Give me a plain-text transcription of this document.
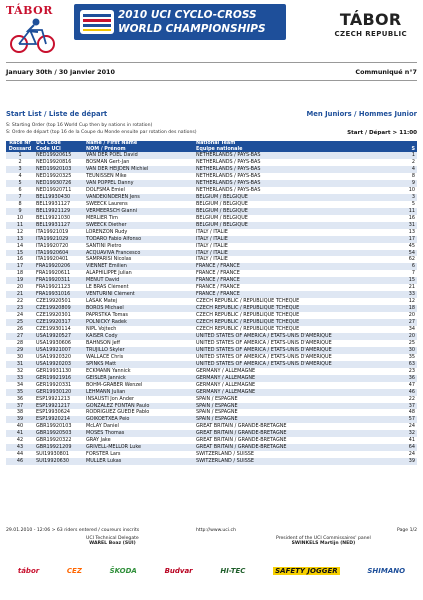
TÁBOR	2010 UCI CYCLO-CROSS
WORLD CHAMPIONSHIPS	TÁBOR
CZECH REPUBLIC
January 30th / 30 janvier 2010	Communiqué n°7
Start List / Liste de départ	Men Juniors / Hommes Junior
S: Starting Order (top 16 World Cup then by nations in rotation)
S: Ordre de départ (top 16 de la Coupe du Monde ensuite par rotation des nations)	Start / Départ > 11:00
Race Nr
Dossard	UCI Code
Code UCI	Name / First Name
NOM / Prénom	National Team
Equipe nationale	S
1	NED19920615	VAN DER POEL David	NETHERLANDS / PAYS-BAS	1
2	NED19920816	BOSMAN Gert-Jan	NETHERLANDS / PAYS-BAS	2
3	NED19920103	VAN DER HEIJDEN Michiel	NETHERLANDS / PAYS-BAS	4
4	NED19920325	TEUNISSEN Mike	NETHERLANDS / PAYS-BAS	8
5	NED19930726	VAN POPPEL Danny	NETHERLANDS / PAYS-BAS	9
6	NED19920711	DOLFSMA Emiel	NETHERLANDS / PAYS-BAS	10
7	BEL19930430	VANDEKINDEREN Jens	BELGIUM / BELGIQUE	3
8	BEL19931127	SWEECK Laurens	BELGIUM / BELGIQUE	5
9	BEL19921129	VERMEERSCH Gianni	BELGIUM / BELGIQUE	11
10	BEL19921030	MERLIER Tim	BELGIUM / BELGIQUE	16
11	BEL19931127	SWEECK Diether	BELGIUM / BELGIQUE	31
12	ITA19921019	LORENZON Rudy	ITALY / ITALIE	13
13	ITA19921029	TODARO Fabio Alfonso	ITALY / ITALIE	17
14	ITA19920720	SANTINI Pietro	ITALY / ITALIE	45
15	ITA19920604	ACQUAVIVA Francesco	ITALY / ITALIE	54
16	ITA19920401	SAMPARISI Nicolas	ITALY / ITALIE	62
17	FRA19920206	VIENNET Emilien	FRANCE / FRANCE	6
18	FRA19920611	ALAPHILIPPE Julian	FRANCE / FRANCE	7
19	FRA19920311	MENUT David	FRANCE / FRANCE	15
20	FRA19921123	LE BRAS Clément	FRANCE / FRANCE	21
21	FRA19931016	VENTURINI Clément	FRANCE / FRANCE	33
22	CZE19920501	LASAK Matej	CZECH REPUBLIC / REPUBLIQUE TCHEQUE	12
23	CZE19920809	BOROS Michael	CZECH REPUBLIC / REPUBLIQUE TCHEQUE	18
24	CZE19920301	PAPRSTKA Tomas	CZECH REPUBLIC / REPUBLIQUE TCHEQUE	20
25	CZE19920317	POLNICKY Radek	CZECH REPUBLIC / REPUBLIQUE TCHEQUE	27
26	CZE19930114	NIPL Vojtech	CZECH REPUBLIC / REPUBLIQUE TCHEQUE	34
27	USA19920527	KAISER Cody	UNITED STATES OF AMERICA / ETATS-UNIS D'AMERIQUE	20
28	USA19930606	BAHNSON Jeff	UNITED STATES OF AMERICA / ETATS-UNIS D'AMERIQUE	25
29	USA19921007	TRUJILLO Skyler	UNITED STATES OF AMERICA / ETATS-UNIS D'AMERIQUE	30
30	USA19920320	WALLACE Chris	UNITED STATES OF AMERICA / ETATS-UNIS D'AMERIQUE	35
31	USA19920203	SPINKS Matt	UNITED STATES OF AMERICA / ETATS-UNIS D'AMERIQUE	63
32	GER19931130	ECKMANN Yannick	GERMANY / ALLEMAGNE	23
33	GER19921916	GEISLER Jannick	GERMANY / ALLEMAGNE	36
34	GER19920331	BÖHM-GRÄBER Wenzel	GERMANY / ALLEMAGNE	47
35	GER19930120	LEHMANN Julian	GERMANY / ALLEMAGNE	46
36	ESP19921213	INSAUSTI Jon Ander	SPAIN / ESPAGNE	22
37	ESP19921217	GONZALEZ FONTAN Paulo	SPAIN / ESPAGNE	37
38	ESP19930624	RODRIGUEZ GUEDE Pablo	SPAIN / ESPAGNE	48
39	ESP19920214	GOIKOETXEA Peio	SPAIN / ESPAGNE	57
40	GBR19920103	McLAY Daniel	GREAT BRITAIN / GRANDE-BRETAGNE	24
41	GBR19920503	MOSES Thomas	GREAT BRITAIN / GRANDE-BRETAGNE	32
42	GBR19920322	GRAY Jake	GREAT BRITAIN / GRANDE-BRETAGNE	41
43	GBR19921209	GRIVELL-MELLOR Luke	GREAT BRITAIN / GRANDE-BRETAGNE	64
44	SUI19930801	FORSTER Lars	SWITZERLAND / SUISSE	24
46	SUI19920630	MÜLLER Lukas	SWITZERLAND / SUISSE	39
29.01.2010 - 12:06 > 63 riders entered / coureurs inscrits	http://www.uci.ch	Page 1/2
UCI Technical Delegate
WAREL Boaz (SUI)
President of the UCI Commissaires' panel
SWINKELS Martijn (NED)
tábor	CEZ	ŠKODA	Budvar	HI-TEC	SAFETY JOGGER	SHIMANO
